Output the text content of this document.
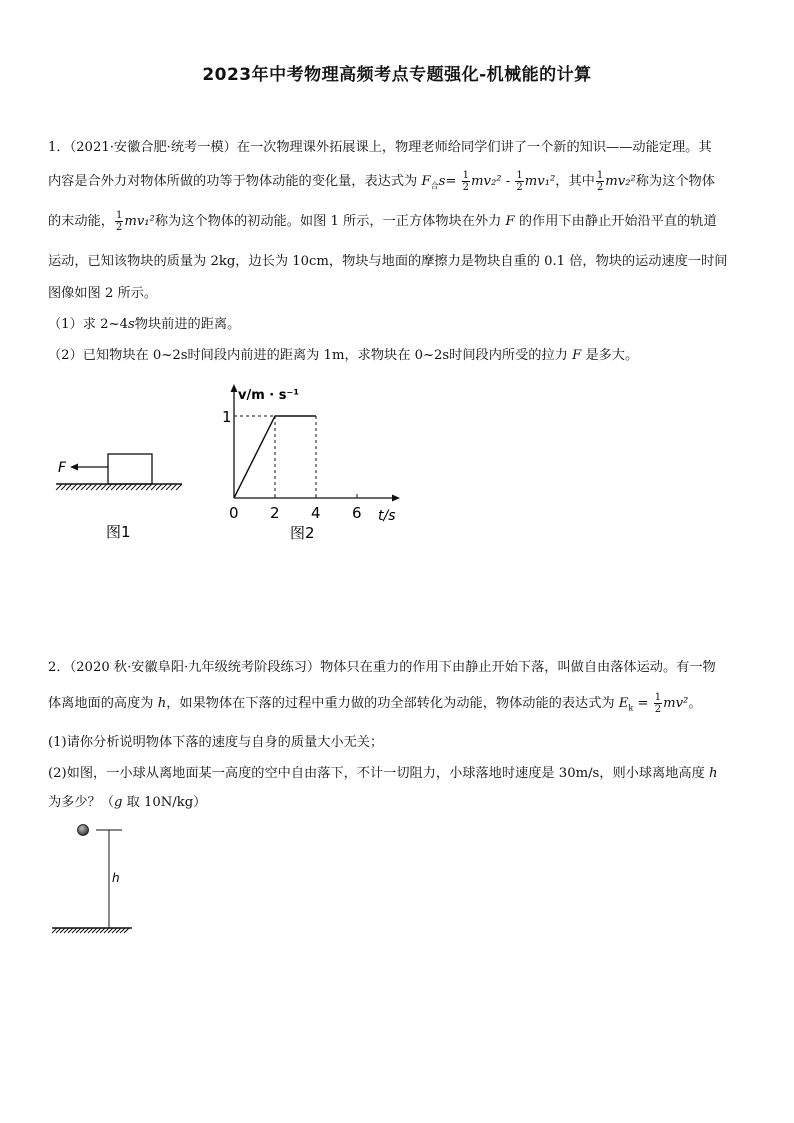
2023年中考物理高频考点专题强化-机械能的计算
1．（2021·安徽合肥·统考一模）在一次物理课外拓展课上，物理老师给同学们讲了一个新的知识——动能定理。其
内容是合外力对物体所做的功等于物体动能的变化量，表达式为 $F_合s= \frac{1}{2} mv_2^2 - \frac{1}{2} mv_1^2$，其中 $\frac{1}{2} mv_2^2$称为这个物体
的末动能， $\frac{1}{2} mv_1^2$称为这个物体的初动能。如图 1 所示，一正方体物块在外力 F 的作用下由静止开始沿平直的轨道
运动，已知该物块的质量为 2kg，边长为 10cm，物块与地面的摩擦力是物块自重的 0.1 倍，物块的运动速度一时间
图像如图 2 所示。
（1）求 2~4s物块前进的距离。
（2）已知物块在 0~2s时间段内前进的距离为 1m，求物块在 0~2s时间段内所受的拉力 F 是多大。
F
图1
v/m · s⁻¹
t/s
1
0 2 4 6
图2
2．（2020 秋·安徽阜阳·九年级统考阶段练习）物体只在重力的作用下由静止开始下落，叫做自由落体运动。有一物
体离地面的高度为 h，如果物体在下落的过程中重力做的功全部转化为动能，物体动能的表达式为 $E_k = \frac{1}{2} mv^2$。
(1)请你分析说明物体下落的速度与自身的质量大小无关；
(2)如图，一小球从离地面某一高度的空中自由落下，不计一切阻力，小球落地时速度是 30m/s，则小球离地高度 h
为多少？（g 取 10N/kg）
h
